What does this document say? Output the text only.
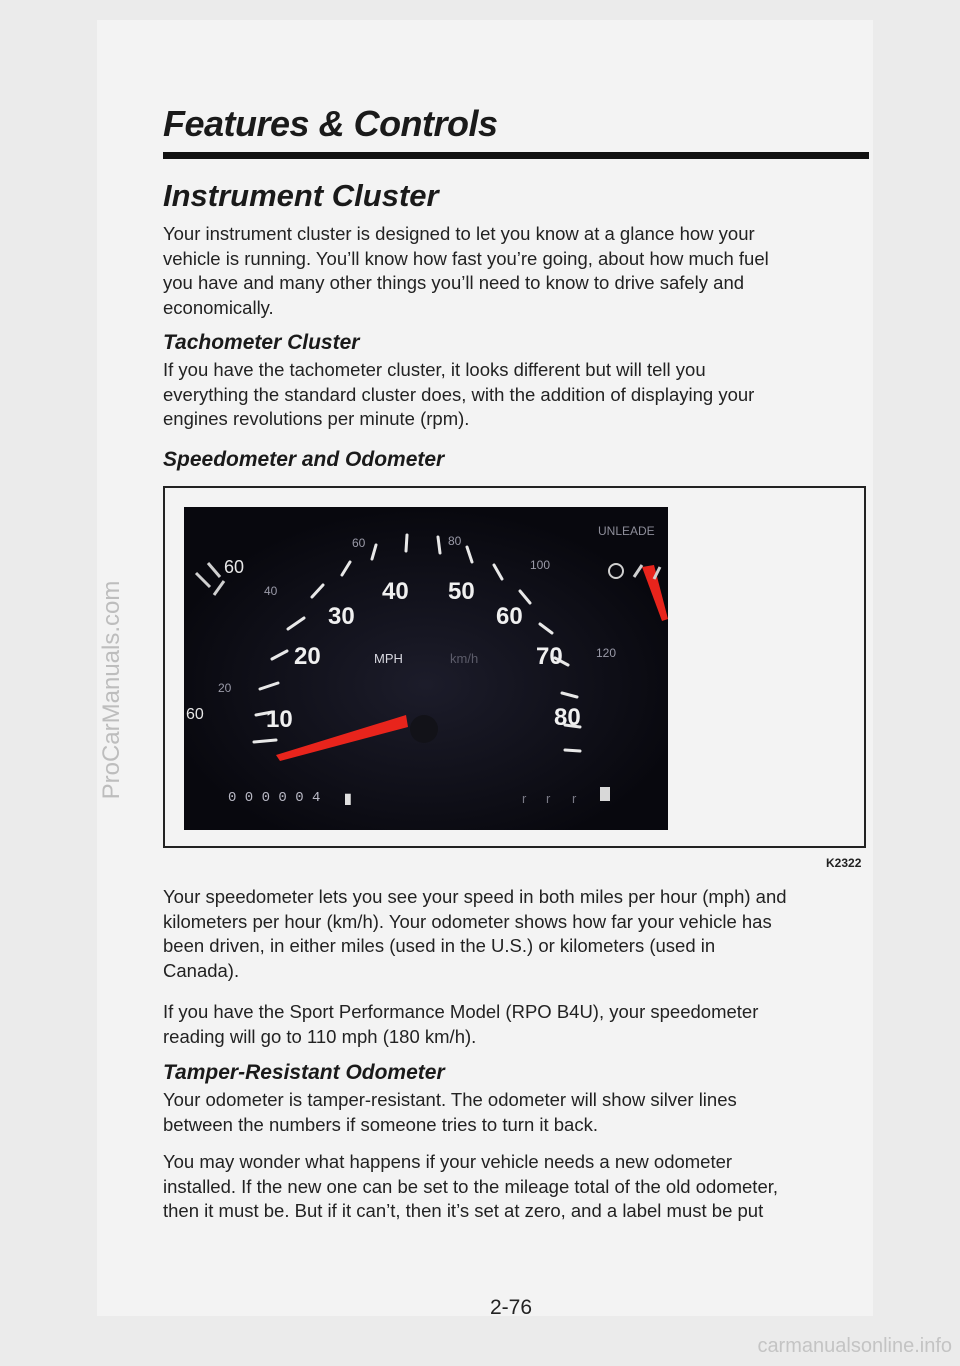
ProCarManuals.com
carmanualsonline.info
Features & Controls
Instrument Cluster
Your instrument cluster is designed to let you know at a glance how your
vehicle is running. You’ll know how fast you’re going, about how much fuel
you have and many other things you’ll need to know to drive safely and
economically.
Tachometer Cluster
If you have the tachometer cluster, it looks different but will tell you
everything the standard cluster does, with the addition of displaying your
engines revolutions per minute (rpm).
Speedometer and Odometer
60
60	10
20
30
40 50
60
70
80
20
40
60	80
100
120
MPH	km/h
UNLEADE
0 0 0 0 0 4 ▮	r r r
K2322
Your speedometer lets you see your speed in both miles per hour (mph) and
kilometers per hour (km/h). Your odometer shows how far your vehicle has
been driven, in either miles (used in the U.S.) or kilometers (used in
Canada).
If you have the Sport Performance Model (RPO B4U), your speedometer
reading will go to 110 mph (180 km/h).
Tamper-Resistant Odometer
Your odometer is tamper-resistant. The odometer will show silver lines
between the numbers if someone tries to turn it back.
You may wonder what happens if your vehicle needs a new odometer
installed. If the new one can be set to the mileage total of the old odometer,
then it must be. But if it can’t, then it’s set at zero, and a label must be put
2-76
